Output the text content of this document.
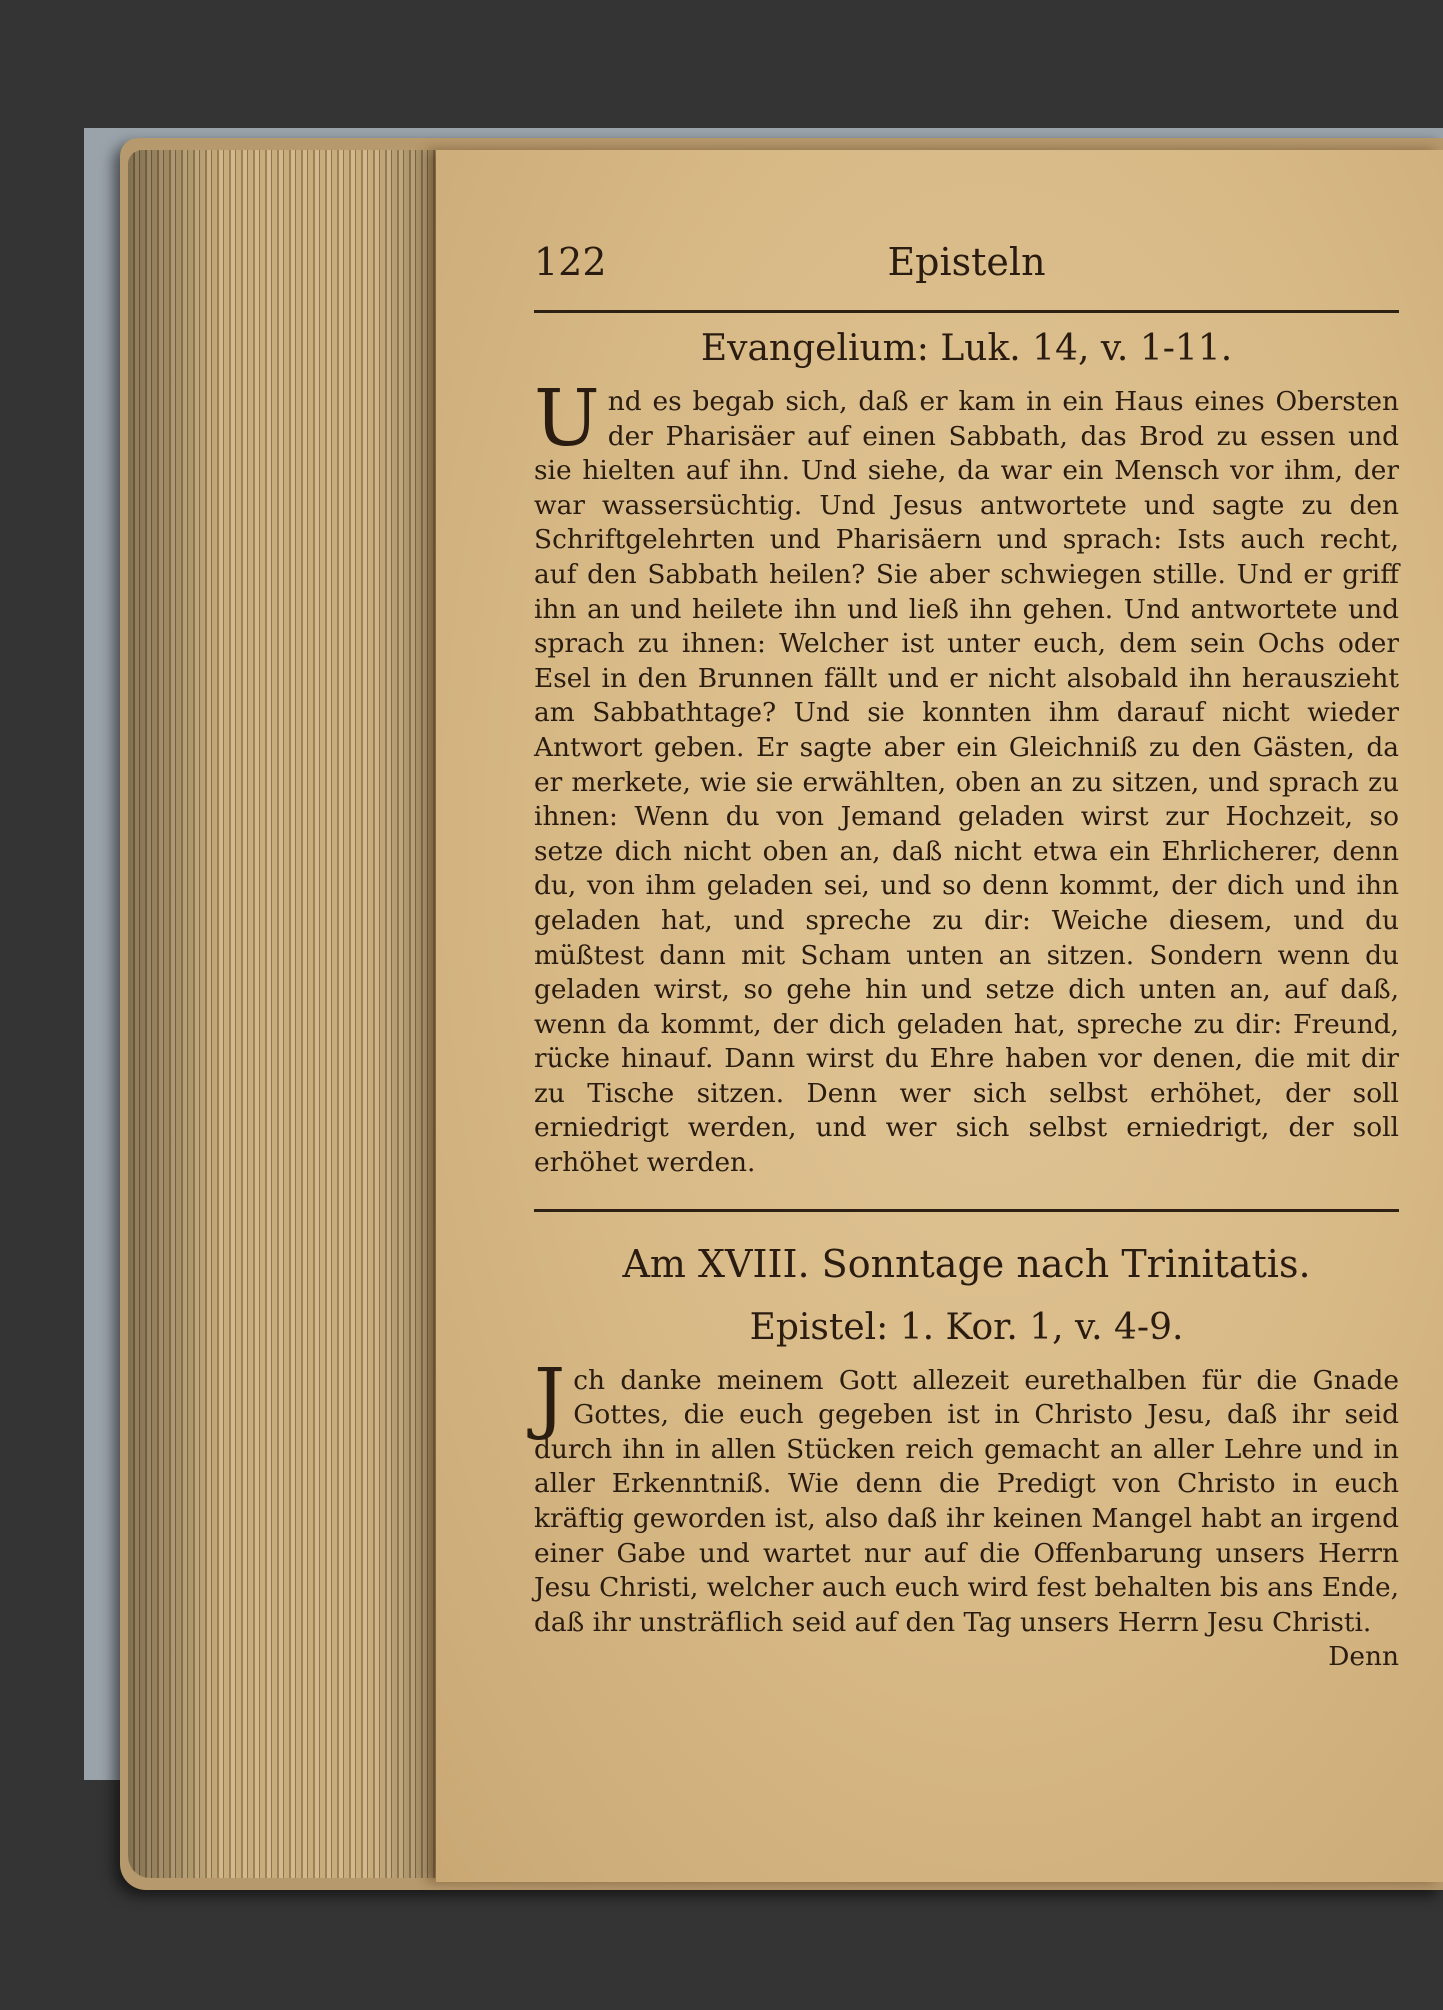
122	Episteln
Evangelium: Luk. 14, v. 1-11.

Und es begab sich, daß er kam in ein Haus eines Obersten der Pharisäer auf einen Sabbath, das Brod zu essen und sie hielten auf ihn. Und siehe, da war ein Mensch vor ihm, der war wassersüchtig. Und Jesus antwortete und sagte zu den Schriftgelehrten und Pharisäern und sprach: Ists auch recht, auf den Sabbath heilen? Sie aber schwiegen stille. Und er griff ihn an und heilete ihn und ließ ihn gehen. Und antwortete und sprach zu ihnen: Welcher ist unter euch, dem sein Ochs oder Esel in den Brunnen fällt und er nicht alsobald ihn herauszieht am Sabbathtage? Und sie konnten ihm darauf nicht wieder Antwort geben. Er sagte aber ein Gleichniß zu den Gästen, da er merkete, wie sie erwählten, oben an zu sitzen, und sprach zu ihnen: Wenn du von Jemand geladen wirst zur Hochzeit, so setze dich nicht oben an, daß nicht etwa ein Ehrlicherer, denn du, von ihm geladen sei, und so denn kommt, der dich und ihn geladen hat, und spreche zu dir: Weiche diesem, und du müßtest dann mit Scham unten an sitzen. Sondern wenn du geladen wirst, so gehe hin und setze dich unten an, auf daß, wenn da kommt, der dich geladen hat, spreche zu dir: Freund, rücke hinauf. Dann wirst du Ehre haben vor denen, die mit dir zu Tische sitzen. Denn wer sich selbst erhöhet, der soll erniedrigt werden, und wer sich selbst erniedrigt, der soll erhöhet werden.

Am XVIII. Sonntage nach Trinitatis.
Epistel: 1. Kor. 1, v. 4-9.

Jch danke meinem Gott allezeit eurethalben für die Gnade Gottes, die euch gegeben ist in Christo Jesu, daß ihr seid durch ihn in allen Stücken reich gemacht an aller Lehre und in aller Erkenntniß. Wie denn die Predigt von Christo in euch kräftig geworden ist, also daß ihr keinen Mangel habt an irgend einer Gabe und wartet nur auf die Offenbarung unsers Herrn Jesu Christi, welcher auch euch wird fest behalten bis ans Ende, daß ihr unsträflich seid auf den Tag unsers Herrn Jesu Christi.

Denn
